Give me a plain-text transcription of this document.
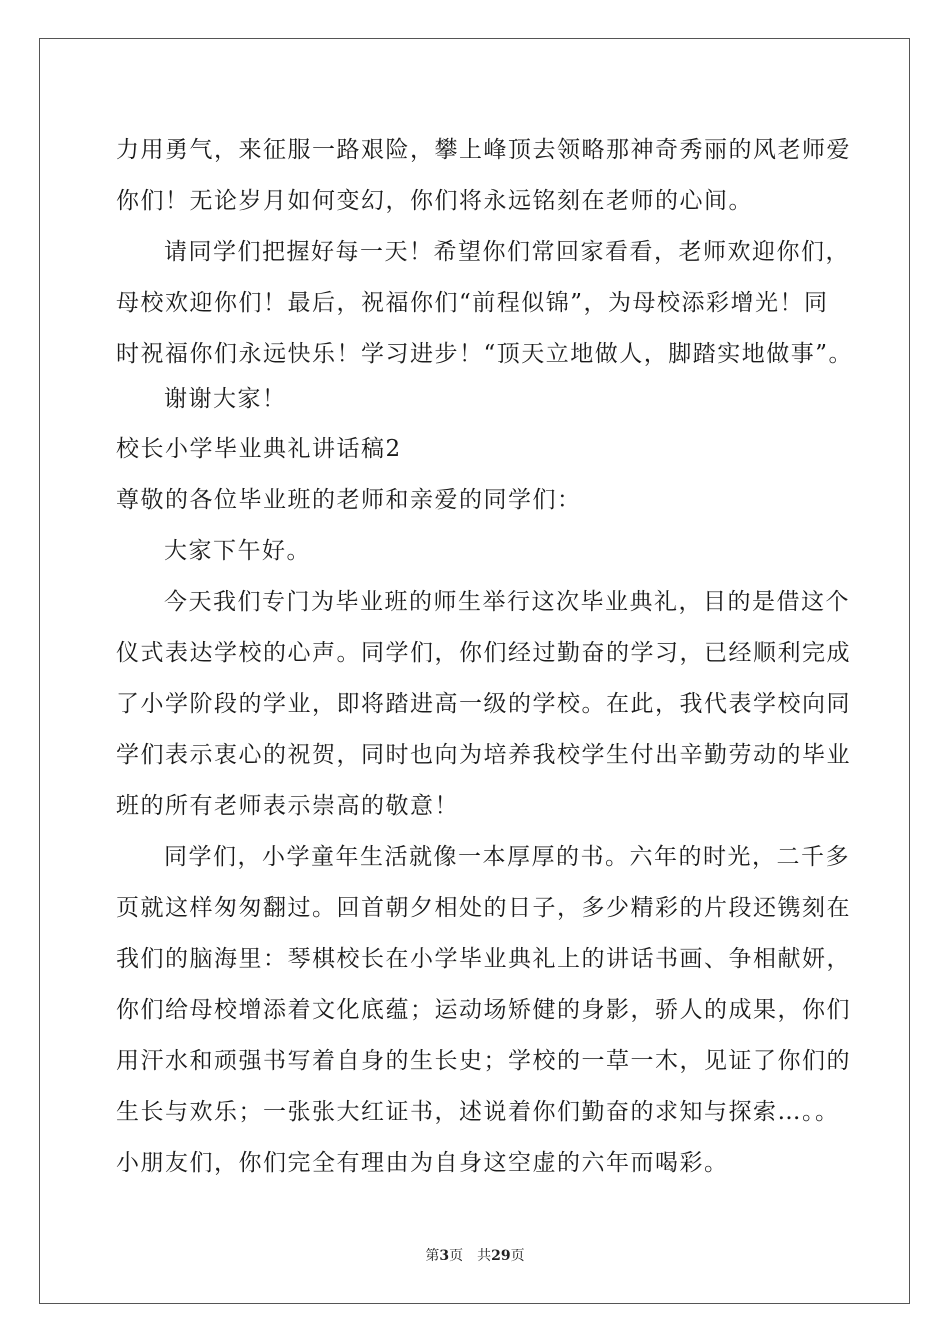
力用勇气，来征服一路艰险，攀上峰顶去领略那神奇秀丽的风老师爱
你们！无论岁月如何变幻，你们将永远铭刻在老师的心间。
请同学们把握好每一天！希望你们常回家看看，老师欢迎你们，
母校欢迎你们！最后，祝福你们“前程似锦”，为母校添彩增光！同
时祝福你们永远快乐！学习进步！“顶天立地做人，脚踏实地做事”。
谢谢大家！
校长小学毕业典礼讲话稿2
尊敬的各位毕业班的老师和亲爱的同学们：
大家下午好。
今天我们专门为毕业班的师生举行这次毕业典礼，目的是借这个
仪式表达学校的心声。同学们，你们经过勤奋的学习，已经顺利完成
了小学阶段的学业，即将踏进高一级的学校。在此，我代表学校向同
学们表示衷心的祝贺，同时也向为培养我校学生付出辛勤劳动的毕业
班的所有老师表示崇高的敬意！
同学们，小学童年生活就像一本厚厚的书。六年的时光，二千多
页就这样匆匆翻过。回首朝夕相处的日子，多少精彩的片段还镌刻在
我们的脑海里：琴棋校长在小学毕业典礼上的讲话书画、争相献妍，
你们给母校增添着文化底蕴；运动场矫健的身影，骄人的成果，你们
用汗水和顽强书写着自身的生长史；学校的一草一木，见证了你们的
生长与欢乐；一张张大红证书，述说着你们勤奋的求知与探索…。。
小朋友们，你们完全有理由为自身这空虚的六年而喝彩。
第3页 共29页
